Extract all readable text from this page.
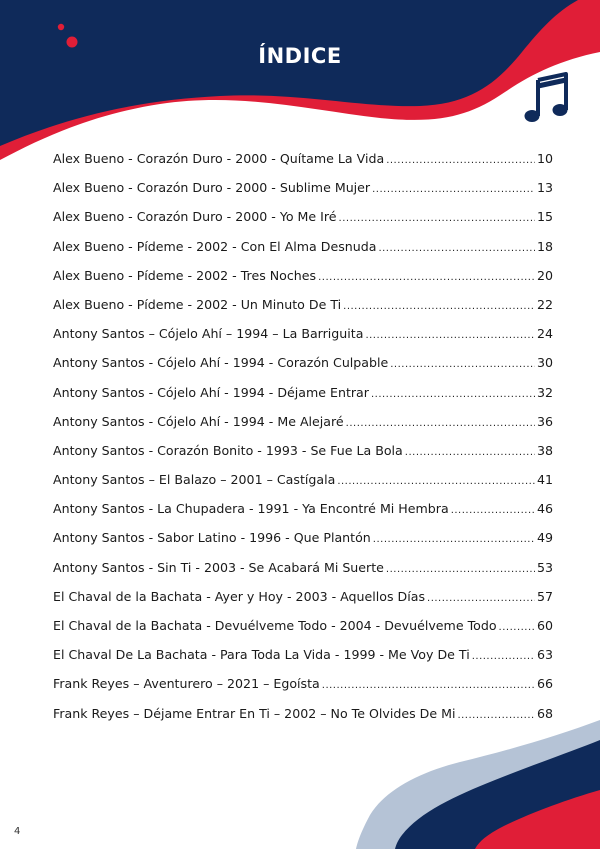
ÍNDICE
Alex Bueno - Corazón Duro - 2000 - Quítame La Vida .....	10
Alex Bueno - Corazón Duro - 2000 - Sublime Mujer .....	13
Alex Bueno - Corazón Duro - 2000 - Yo Me Iré .....	15
Alex Bueno - Pídeme - 2002 - Con El Alma Desnuda .....	18
Alex Bueno - Pídeme - 2002 - Tres Noches .....	20
Alex Bueno - Pídeme - 2002 - Un Minuto De Ti .....	22
Antony Santos – Cójelo Ahí – 1994 – La Barriguita .....	24
Antony Santos - Cójelo Ahí - 1994 - Corazón Culpable .....	30
Antony Santos - Cójelo Ahí - 1994 - Déjame Entrar .....	32
Antony Santos - Cójelo Ahí - 1994 - Me Alejaré .....	36
Antony Santos - Corazón Bonito - 1993 - Se Fue La Bola .....	38
Antony Santos – El Balazo – 2001 – Castígala .....	41
Antony Santos - La Chupadera - 1991 - Ya Encontré Mi Hembra .....	46
Antony Santos - Sabor Latino - 1996 - Que Plantón .....	49
Antony Santos - Sin Ti - 2003 - Se Acabará Mi Suerte .....	53
El Chaval de la Bachata - Ayer y Hoy - 2003 - Aquellos Días .....	57
El Chaval de la Bachata - Devuélveme Todo - 2004 - Devuélveme Todo .....	60
El Chaval De La Bachata - Para Toda La Vida - 1999 - Me Voy De Ti .....	63
Frank Reyes – Aventurero – 2021 – Egoísta .....	66
Frank Reyes – Déjame Entrar En Ti – 2002 – No Te Olvides De Mi .....	68
4
